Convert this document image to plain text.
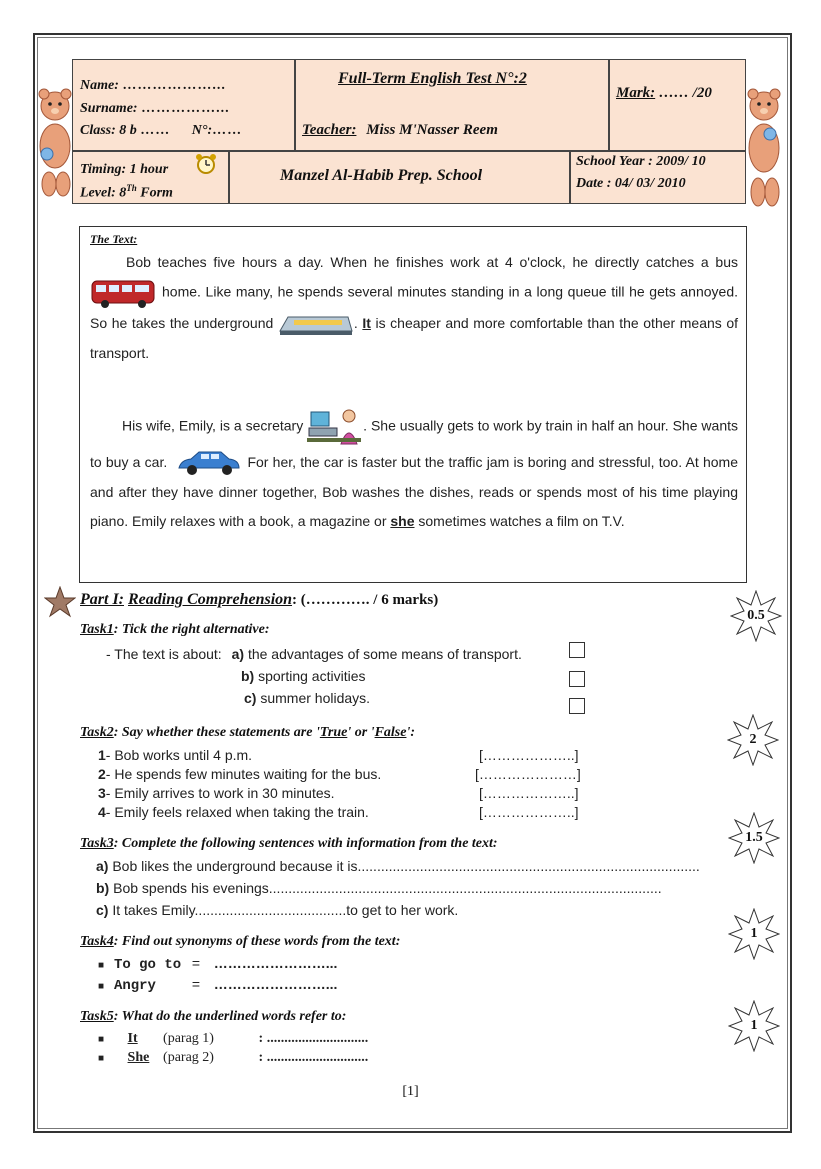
Name: ………………...
Surname: ……………...
Class: 8 b …… N°:……
Full-Term English Test N°:2
Teacher: Miss M'Nasser Reem
Mark: …… /20
Timing: 1 hour
Level: 8Th Form
Manzel Al-Habib Prep. School
School Year : 2009/ 10
Date : 04/ 03/ 2010
The Text:
Bob teaches five hours a day. When he finishes work at 4 o'clock, he directly catches a bus home. Like many, he spends several minutes standing in a long queue till he gets annoyed. So he takes the underground	. It is cheaper and more comfortable than the other means of transport.
His wife, Emily, is a secretary	. She usually gets to work by train in half an hour. She wants to buy a car.	For her, the car is faster but the traffic jam is boring and stressful, too. At home and after they have dinner together, Bob washes the dishes, reads or spends most of his time playing piano. Emily relaxes with a book, a magazine or she sometimes watches a film on T.V.
Part I: Reading Comprehension: (…………. / 6 marks)
Task1: Tick the right alternative:
- The text is about: a) the advantages of some means of transport.
b) sporting activities
c) summer holidays.
Task2: Say whether these statements are 'True' or 'False':
1- Bob works until 4 p.m.	[………………..]
2- He spends few minutes waiting for the bus.	[…………………]
3- Emily arrives to work in 30 minutes.	[………………..]
4- Emily feels relaxed when taking the train.	[………………..]
Task3: Complete the following sentences with information from the text:
a) Bob likes the underground because it is........................................................................................
b) Bob spends his evenings.....................................................................................................
c) It takes Emily.......................................to get to her work.
Task4: Find out synonyms of these words from the text:
■ To go to = ……………………...
■ Angry	= ……………………...
Task5: What do the underlined words refer to:
■ It (parag 1)	: .............................
■ She (parag 2)	: .............................
0.5
2
1.5
1
1
[1]
